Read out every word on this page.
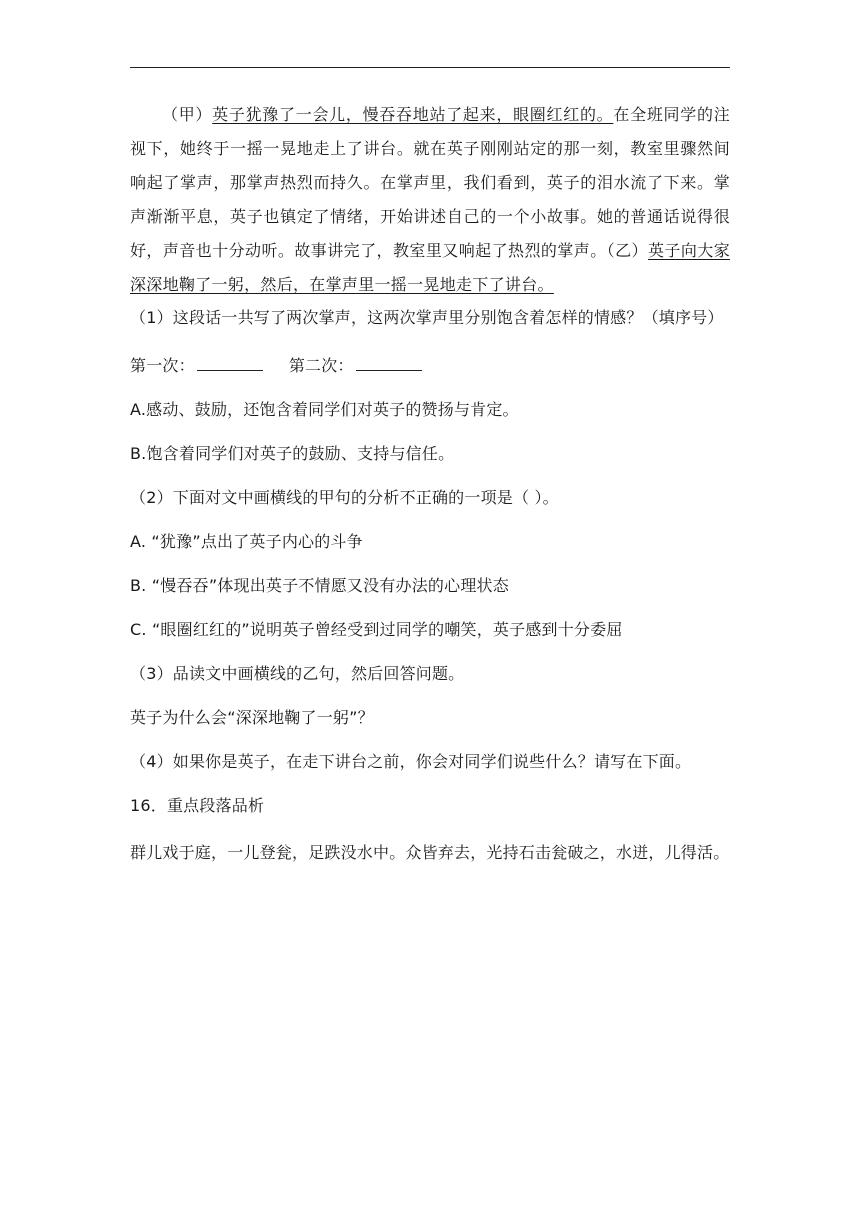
（甲）英子犹豫了一会儿，慢吞吞地站了起来，眼圈红红的。在全班同学的注视下，她终于一摇一晃地走上了讲台。就在英子刚刚站定的那一刻，教室里骤然间响起了掌声，那掌声热烈而持久。在掌声里，我们看到，英子的泪水流了下来。掌声渐渐平息，英子也镇定了情绪，开始讲述自己的一个小故事。她的普通话说得很好，声音也十分动听。故事讲完了，教室里又响起了热烈的掌声。（乙）英子向大家深深地鞠了一躬，然后，在掌声里一摇一晃地走下了讲台。

（1）这段话一共写了两次掌声，这两次掌声里分别饱含着怎样的情感？（填序号）

第一次：	第二次：

A.感动、鼓励，还饱含着同学们对英子的赞扬与肯定。

B.饱含着同学们对英子的鼓励、支持与信任。

（2）下面对文中画横线的甲句的分析不正确的一项是（ ）。

A. “犹豫”点出了英子内心的斗争

B. “慢吞吞”体现出英子不情愿又没有办法的心理状态

C. “眼圈红红的”说明英子曾经受到过同学的嘲笑，英子感到十分委屈

（3）品读文中画横线的乙句，然后回答问题。

英子为什么会“深深地鞠了一躬”？

（4）如果你是英子，在走下讲台之前，你会对同学们说些什么？请写在下面。

16．重点段落品析

群儿戏于庭，一儿登瓮，足跌没水中。众皆弃去，光持石击瓮破之，水迸，儿得活。
